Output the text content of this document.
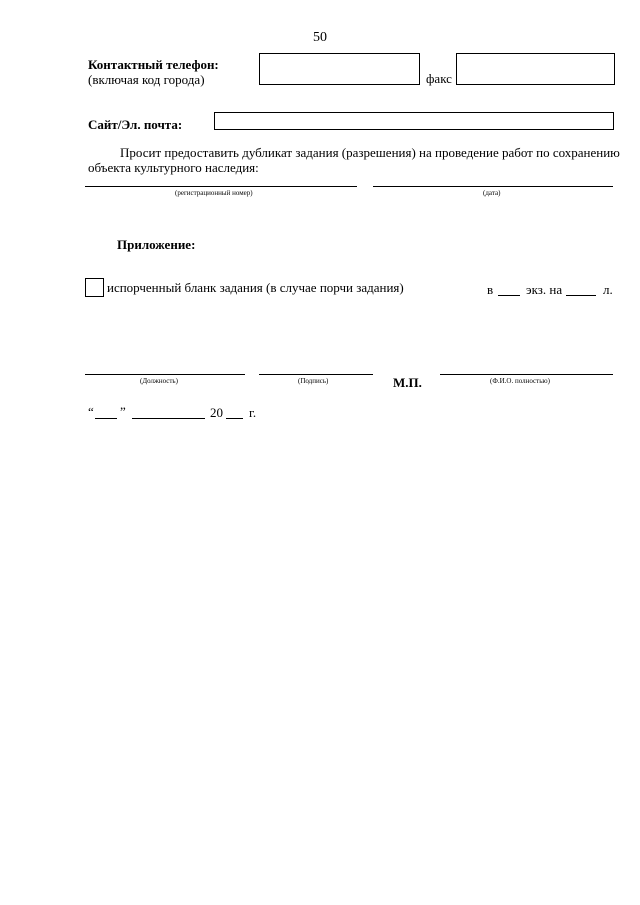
50
Контактный телефон:
(включая код города)	факс
Сайт/Эл. почта:
Просит предоставить дубликат задания (разрешения) на проведение работ по сохранению
объекта культурного наследия:
(регистрационный номер)	(дата)
Приложение:
испорченный бланк задания (в случае порчи задания)	в	экз. на	л.
(Должность)	(Подпись)	М.П.	(Ф.И.О. полностью)
“ ”	20 г.
